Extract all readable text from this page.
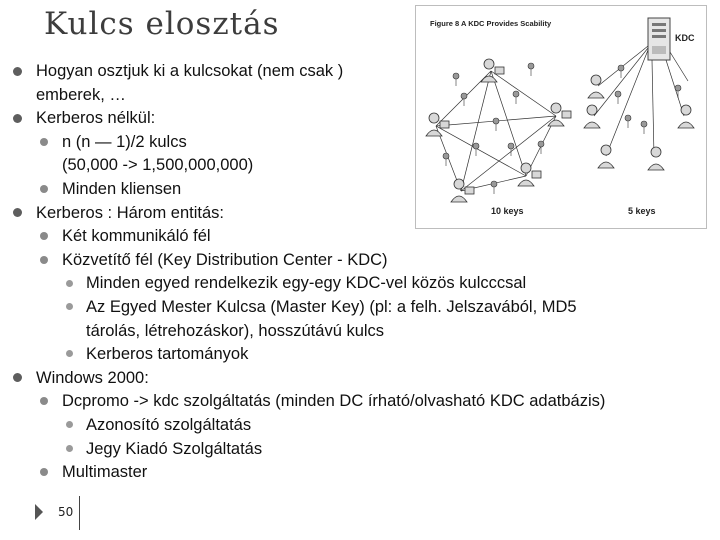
Kulcs elosztás	Figure 8 A KDC Provides Scability
KDC
10 keys	5 keys
Hogyan osztjuk ki a kulcsokat (nem csak )
emberek, …
Kerberos nélkül:
n (n — 1)/2 kulcs
(50,000 -> 1,500,000,000)
Minden kliensen
Kerberos : Három entitás:
Két kommunikáló fél
Közvetítő fél (Key Distribution Center - KDC)
Minden egyed rendelkezik egy-egy KDC-vel közös kulcccsal
Az Egyed Mester Kulcsa (Master Key) (pl: a felh. Jelszavából, MD5
tárolás, létrehozáskor), hosszútávú kulcs
Kerberos tartományok
Windows 2000:
Dcpromo -> kdc szolgáltatás (minden DC írható/olvasható KDC adatbázis)
Azonosító szolgáltatás
Jegy Kiadó Szolgáltatás
Multimaster
50
